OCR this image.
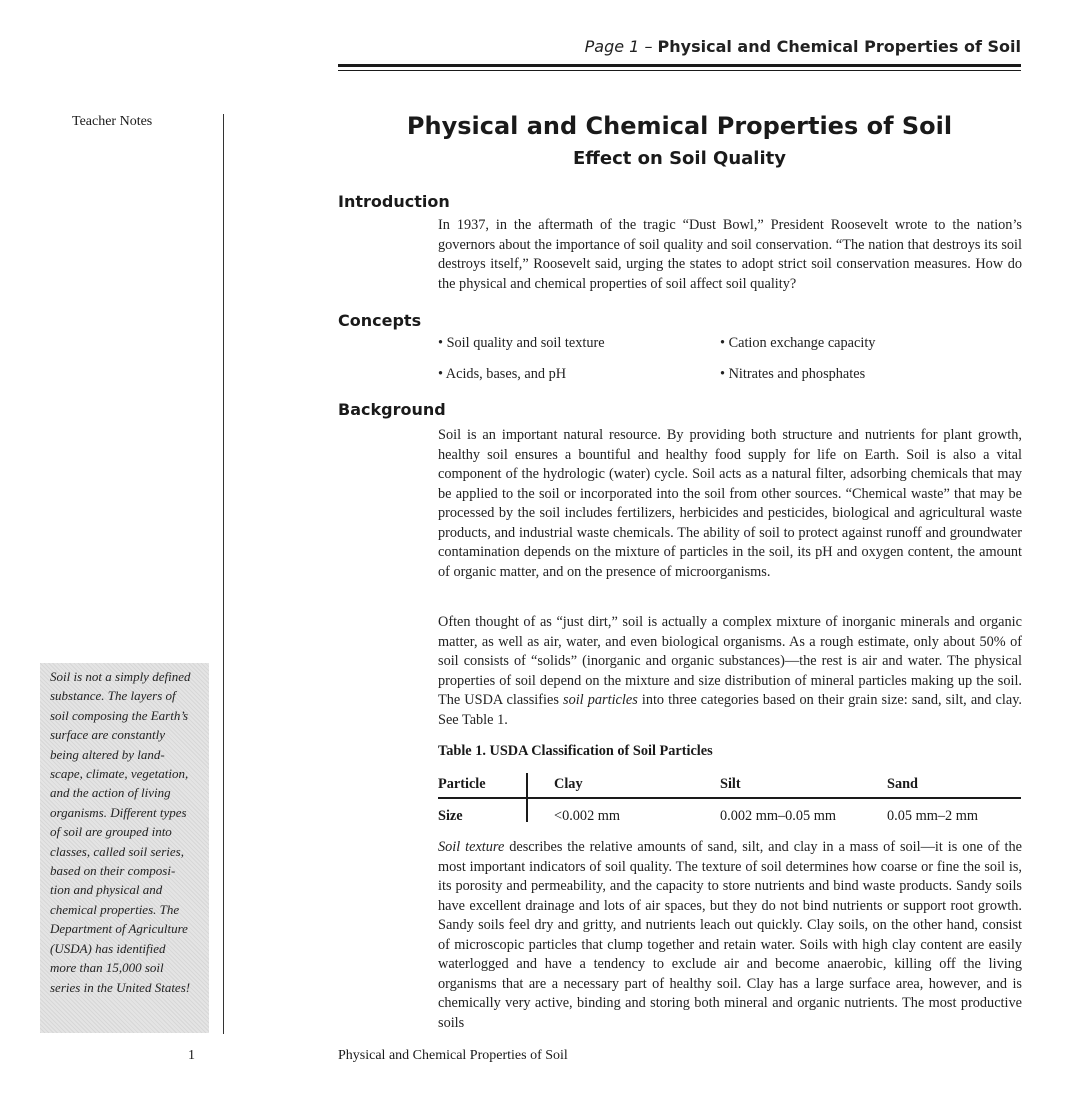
Page 1 – Physical and Chemical Properties of Soil
Teacher Notes
Soil is not a simply defined
substance. The layers of
soil composing the Earth’s
surface are constantly
being altered by land-
scape, climate, vegetation,
and the action of living
organisms. Different types
of soil are grouped into
classes, called soil series,
based on their composi-
tion and physical and
chemical properties. The
Department of Agriculture
(USDA) has identified
more than 15,000 soil
series in the United States!
Physical and Chemical Properties of Soil
Effect on Soil Quality
Introduction
In 1937, in the aftermath of the tragic “Dust Bowl,” President Roosevelt wrote to the nation’s governors about the importance of soil quality and soil conservation. “The nation that destroys its soil destroys itself,” Roosevelt said, urging the states to adopt strict soil conservation measures. How do the physical and chemical properties of soil affect soil quality?
Concepts
• Soil quality and soil texture	• Cation exchange capacity
• Acids, bases, and pH	• Nitrates and phosphates
Background
Soil is an important natural resource. By providing both structure and nutrients for plant growth, healthy soil ensures a bountiful and healthy food supply for life on Earth. Soil is also a vital component of the hydrologic (water) cycle. Soil acts as a natural filter, adsorbing chemicals that may be applied to the soil or incorporated into the soil from other sources. “Chemical waste” that may be processed by the soil includes fertilizers, herbicides and pesticides, biological and agricultural waste products, and industrial waste chemicals. The ability of soil to protect against runoff and groundwater contamination depends on the mixture of particles in the soil, its pH and oxygen content, the amount of organic matter, and on the presence of microorganisms.
Often thought of as “just dirt,” soil is actually a complex mixture of inorganic minerals and organic matter, as well as air, water, and even biological organisms. As a rough estimate, only about 50% of soil consists of “solids” (inorganic and organic substances)—the rest is air and water. The physical properties of soil depend on the mixture and size distribution of mineral particles making up the soil. The USDA classifies soil particles into three categories based on their grain size: sand, silt, and clay. See Table 1.
Table 1. USDA Classification of Soil Particles
Particle	Clay	Silt	Sand
Size	<0.002 mm	0.002 mm–0.05 mm	0.05 mm–2 mm
Soil texture describes the relative amounts of sand, silt, and clay in a mass of soil—it is one of the most important indicators of soil quality. The texture of soil determines how coarse or fine the soil is, its porosity and permeability, and the capacity to store nutrients and bind waste products. Sandy soils have excellent drainage and lots of air spaces, but they do not bind nutrients or support root growth. Sandy soils feel dry and gritty, and nutrients leach out quickly. Clay soils, on the other hand, consist of microscopic particles that clump together and retain water. Soils with high clay content are easily waterlogged and have a tendency to exclude air and become anaerobic, killing off the living organisms that are a necessary part of healthy soil. Clay has a large surface area, however, and is chemically very active, binding and storing both mineral and organic nutrients. The most productive soils
1	Physical and Chemical Properties of Soil
